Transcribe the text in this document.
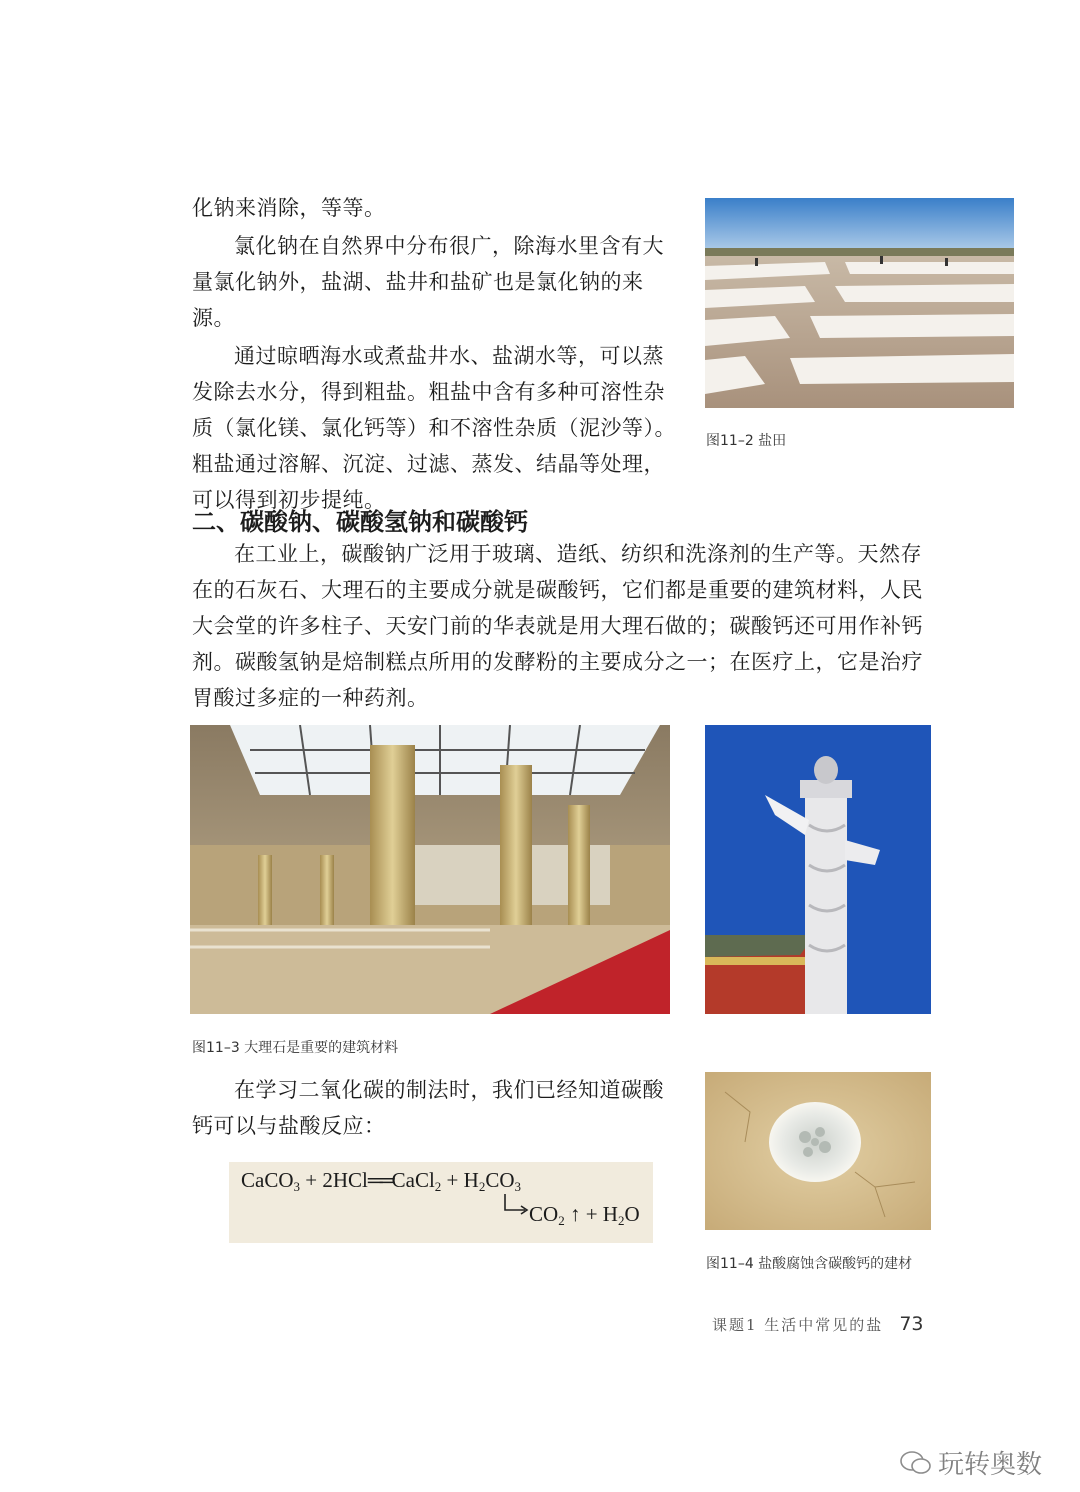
化钠来消除，等等。

氯化钠在自然界中分布很广，除海水里含有大量氯化钠外，盐湖、盐井和盐矿也是氯化钠的来源。

通过晾晒海水或煮盐井水、盐湖水等，可以蒸发除去水分，得到粗盐。粗盐中含有多种可溶性杂质（氯化镁、氯化钙等）和不溶性杂质（泥沙等）。粗盐通过溶解、沉淀、过滤、蒸发、结晶等处理，可以得到初步提纯。

图11–2 盐田
二、碳酸钠、碳酸氢钠和碳酸钙

在工业上，碳酸钠广泛用于玻璃、造纸、纺织和洗涤剂的生产等。天然存在的石灰石、大理石的主要成分就是碳酸钙，它们都是重要的建筑材料，人民大会堂的许多柱子、天安门前的华表就是用大理石做的；碳酸钙还可用作补钙剂。碳酸氢钠是焙制糕点所用的发酵粉的主要成分之一；在医疗上，它是治疗胃酸过多症的一种药剂。

图11–3 大理石是重要的建筑材料

在学习二氧化碳的制法时，我们已经知道碳酸钙可以与盐酸反应：

CaCO$_3$ + 2HCl══CaCl$_2$ + $H_2CO_3$
$CO_2$ ↑ + $H_2O$
图11–4 盐酸腐蚀含碳酸钙的建材
课题1 生活中常见的盐 73
玩转奥数
